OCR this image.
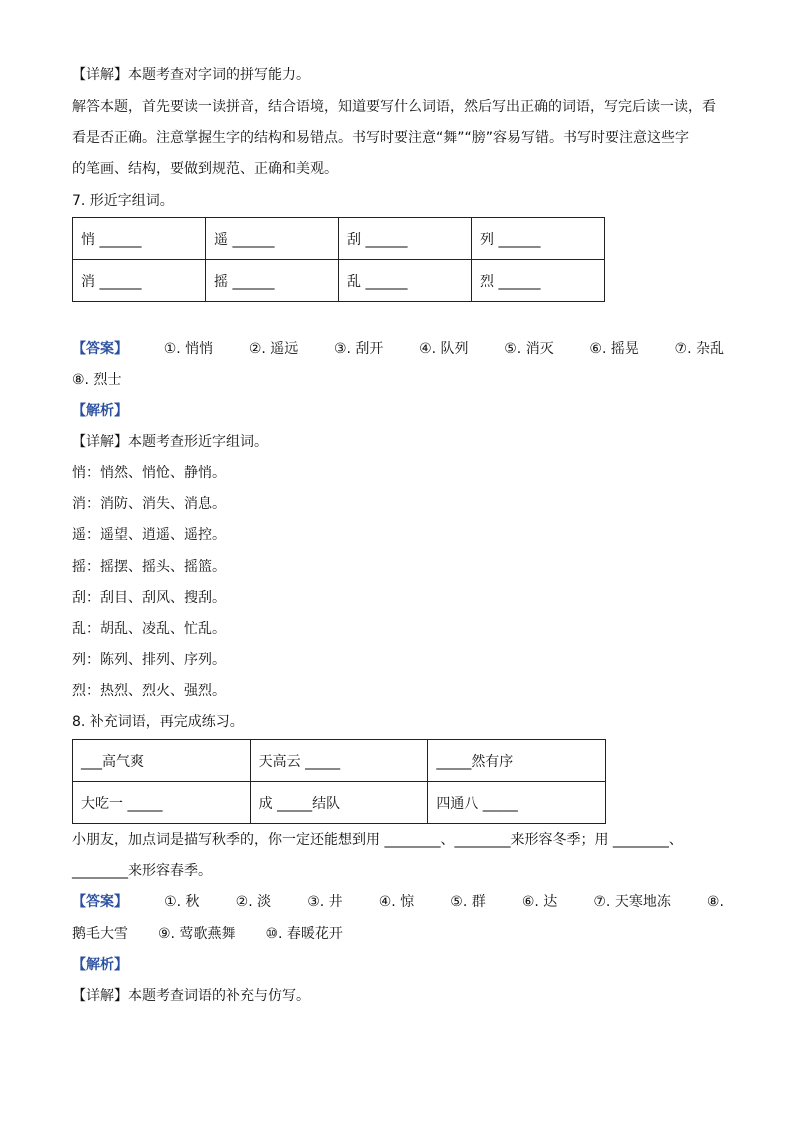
【详解】本题考查对字词的拼写能力。
解答本题，首先要读一读拼音，结合语境，知道要写什么词语，然后写出正确的词语，写完后读一读，看
看是否正确。注意掌握生字的结构和易错点。书写时要注意“舞”“膀”容易写错。书写时要注意这些字
的笔画、结构，要做到规范、正确和美观。
7. 形近字组词。
悄 ______	遥 ______	刮 ______	列 ______
消 ______	摇 ______	乱 ______	烈 ______
【答案】	①. 悄悄	②. 遥远	③. 刮开	④. 队列	⑤. 消灭	⑥. 摇晃	⑦. 杂乱
⑧. 烈士
【解析】
【详解】本题考查形近字组词。
悄：悄然、悄怆、静悄。
消：消防、消失、消息。
遥：遥望、逍遥、遥控。
摇：摇摆、摇头、摇篮。
刮：刮目、刮风、搜刮。
乱：胡乱、凌乱、忙乱。
列：陈列、排列、序列。
烈：热烈、烈火、强烈。
8. 补充词语，再完成练习。
___高气爽	天高云 _____	_____然有序
大吃一 _____	成 _____结队	四通八 _____
小朋友，加点词是描写秋季的，你一定还能想到用 ________、________来形容冬季；用 ________、
________来形容春季。
【答案】	①. 秋	②. 淡	③. 井	④. 惊	⑤. 群	⑥. 达	⑦. 天寒地冻	⑧.
鹅毛大雪 ⑨. 莺歌燕舞 ⑩. 春暖花开
【解析】
【详解】本题考查词语的补充与仿写。
